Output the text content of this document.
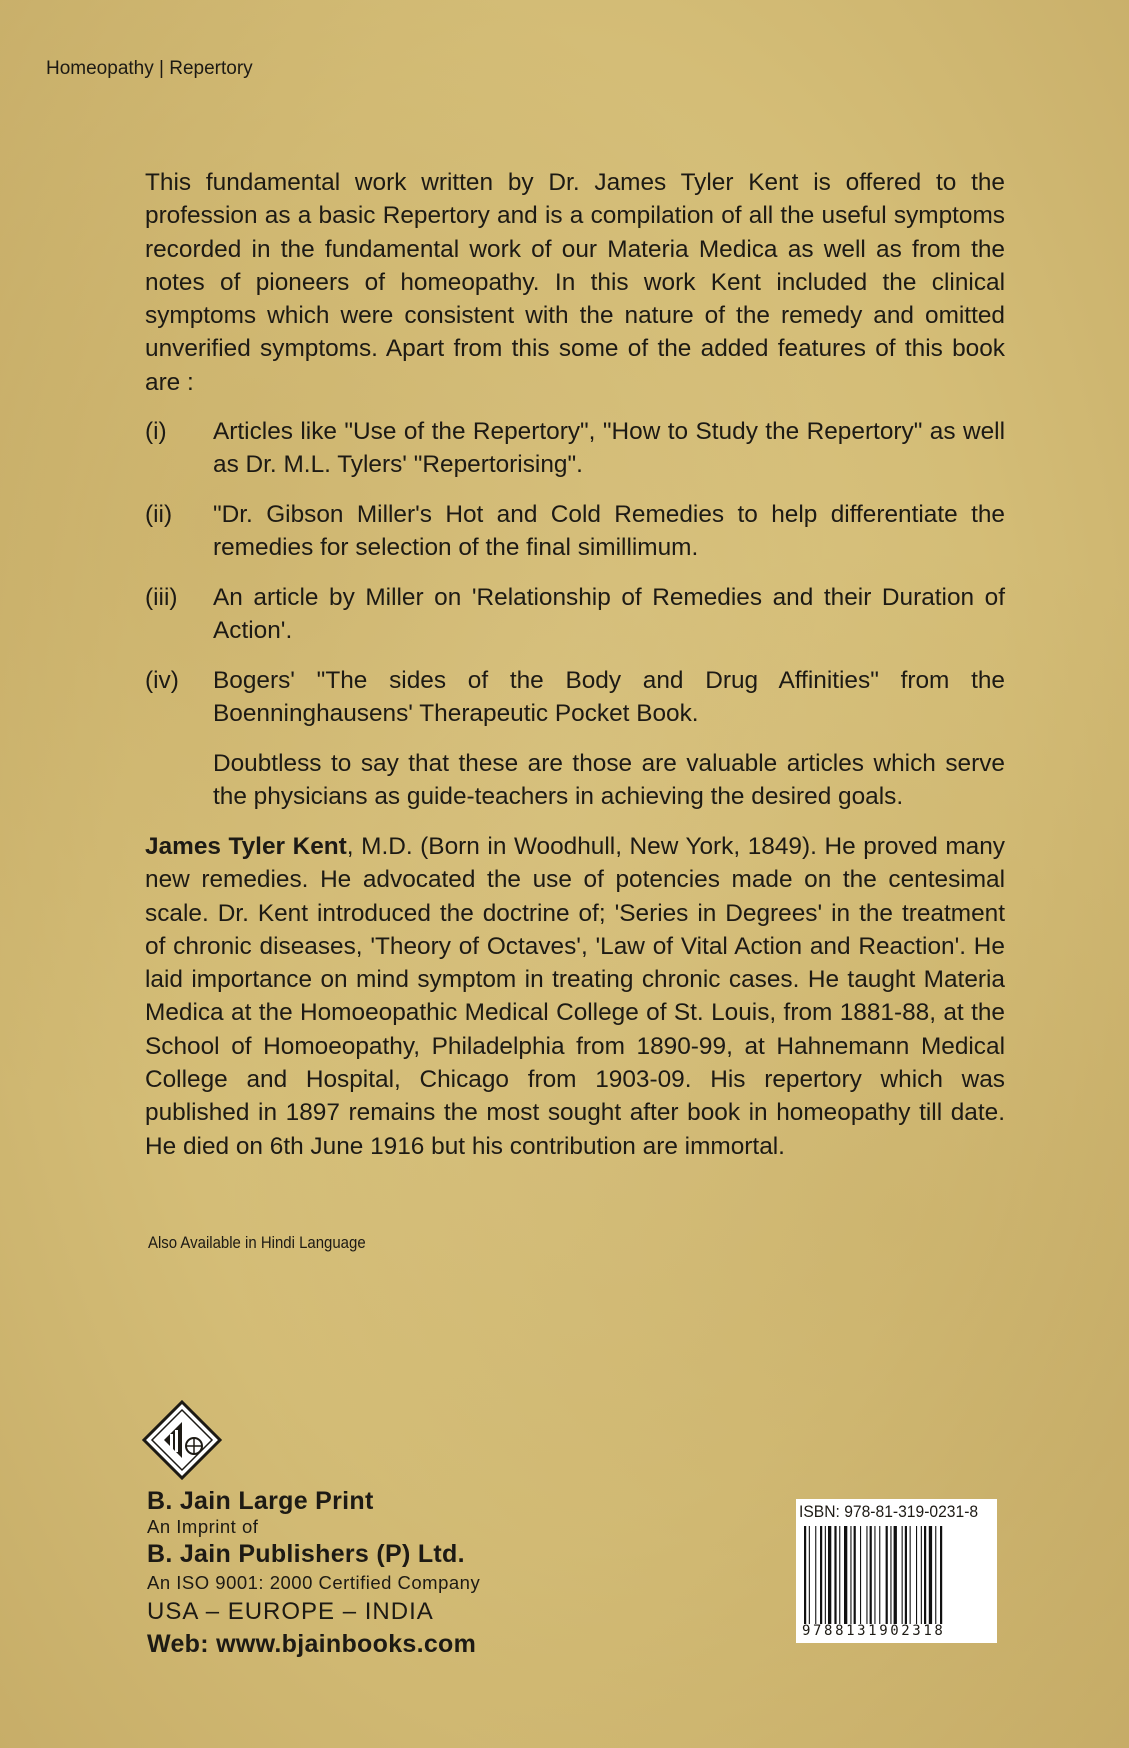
Homeopathy | Repertory
This fundamental work written by Dr. James Tyler Kent is offered to the profession as a basic Repertory and is a compilation of all the useful symptoms recorded in the fundamental work of our Materia Medica as well as from the notes of pioneers of homeopathy. In this work Kent included the clinical symptoms which were consistent with the nature of the remedy and omitted unverified symptoms. Apart from this some of the added features of this book are :
(i) Articles like "Use of the Repertory", "How to Study the Repertory" as well as Dr. M.L. Tylers' "Repertorising".
(ii) "Dr. Gibson Miller's Hot and Cold Remedies to help differentiate the remedies for selection of the final simillimum.
(iii) An article by Miller on 'Relationship of Remedies and their Duration of Action'.
(iv) Bogers' "The sides of the Body and Drug Affinities" from the Boenninghausens' Therapeutic Pocket Book.
Doubtless to say that these are those are valuable articles which serve the physicians as guide-teachers in achieving the desired goals.
James Tyler Kent, M.D. (Born in Woodhull, New York, 1849). He proved many new remedies. He advocated the use of potencies made on the centesimal scale. Dr. Kent introduced the doctrine of; 'Series in Degrees' in the treatment of chronic diseases, 'Theory of Octaves', 'Law of Vital Action and Reaction'. He laid importance on mind symptom in treating chronic cases. He taught Materia Medica at the Homoeopathic Medical College of St. Louis, from 1881-88, at the School of Homoeopathy, Philadelphia from 1890-99, at Hahnemann Medical College and Hospital, Chicago from 1903-09. His repertory which was published in 1897 remains the most sought after book in homeopathy till date. He died on 6th June 1916 but his contribution are immortal.
Also Available in Hindi Language
B. Jain Large Print
An Imprint of
B. Jain Publishers (P) Ltd.
An ISO 9001: 2000 Certified Company
USA – EUROPE – INDIA
Web: www.bjainbooks.com
ISBN: 978-81-319-0231-8
9788131902318
